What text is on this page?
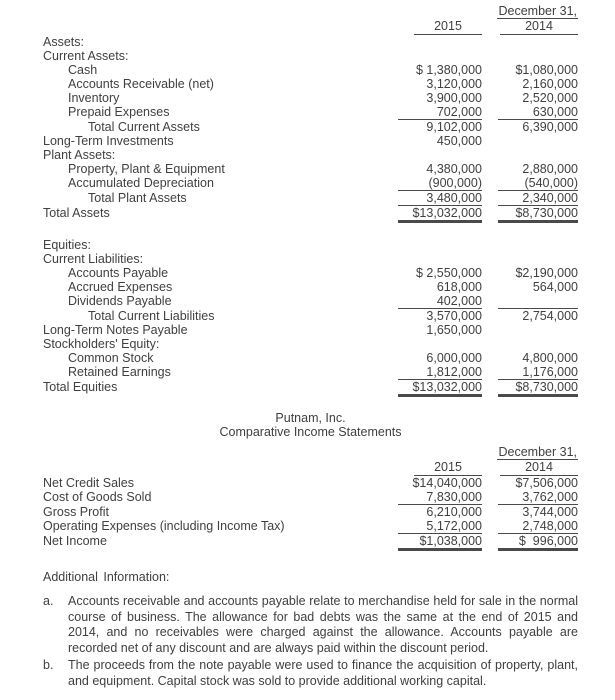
December 31,
2015	2014
Assets:
Current Assets:
Cash	$ 1,380,000	$1,080,000
Accounts Receivable (net)	3,120,000	2,160,000
Inventory	3,900,000	2,520,000
Prepaid Expenses	702,000	630,000
Total Current Assets	9,102,000	6,390,000
Long-Term Investments	450,000
Plant Assets:
Property, Plant & Equipment	4,380,000	2,880,000
Accumulated Depreciation	(900,000)	(540,000)
Total Plant Assets	3,480,000	2,340,000
Total Assets	$13,032,000	$8,730,000
Equities:
Current Liabilities:
Accounts Payable	$ 2,550,000	$2,190,000
Accrued Expenses	618,000	564,000
Dividends Payable	402,000
Total Current Liabilities	3,570,000	2,754,000
Long-Term Notes Payable	1,650,000
Stockholders' Equity:
Common Stock	6,000,000	4,800,000
Retained Earnings	1,812,000	1,176,000
Total Equities	$13,032,000	$8,730,000
Putnam, Inc.
Comparative Income Statements
December 31,
2015	2014
Net Credit Sales	$14,040,000	$7,506,000
Cost of Goods Sold	7,830,000	3,762,000
Gross Profit	6,210,000	3,744,000
Operating Expenses (including Income Tax)	5,172,000	2,748,000
Net Income	$1,038,000	$  996,000
Additional Information:
a.	Accounts receivable and accounts payable relate to merchandise held for sale in the normal course of business. The allowance for bad debts was the same at the end of 2015 and 2014, and no receivables were charged against the allowance. Accounts payable are recorded net of any discount and are always paid within the discount period.
b.	The proceeds from the note payable were used to finance the acquisition of property, plant, and equipment. Capital stock was sold to provide additional working capital.
